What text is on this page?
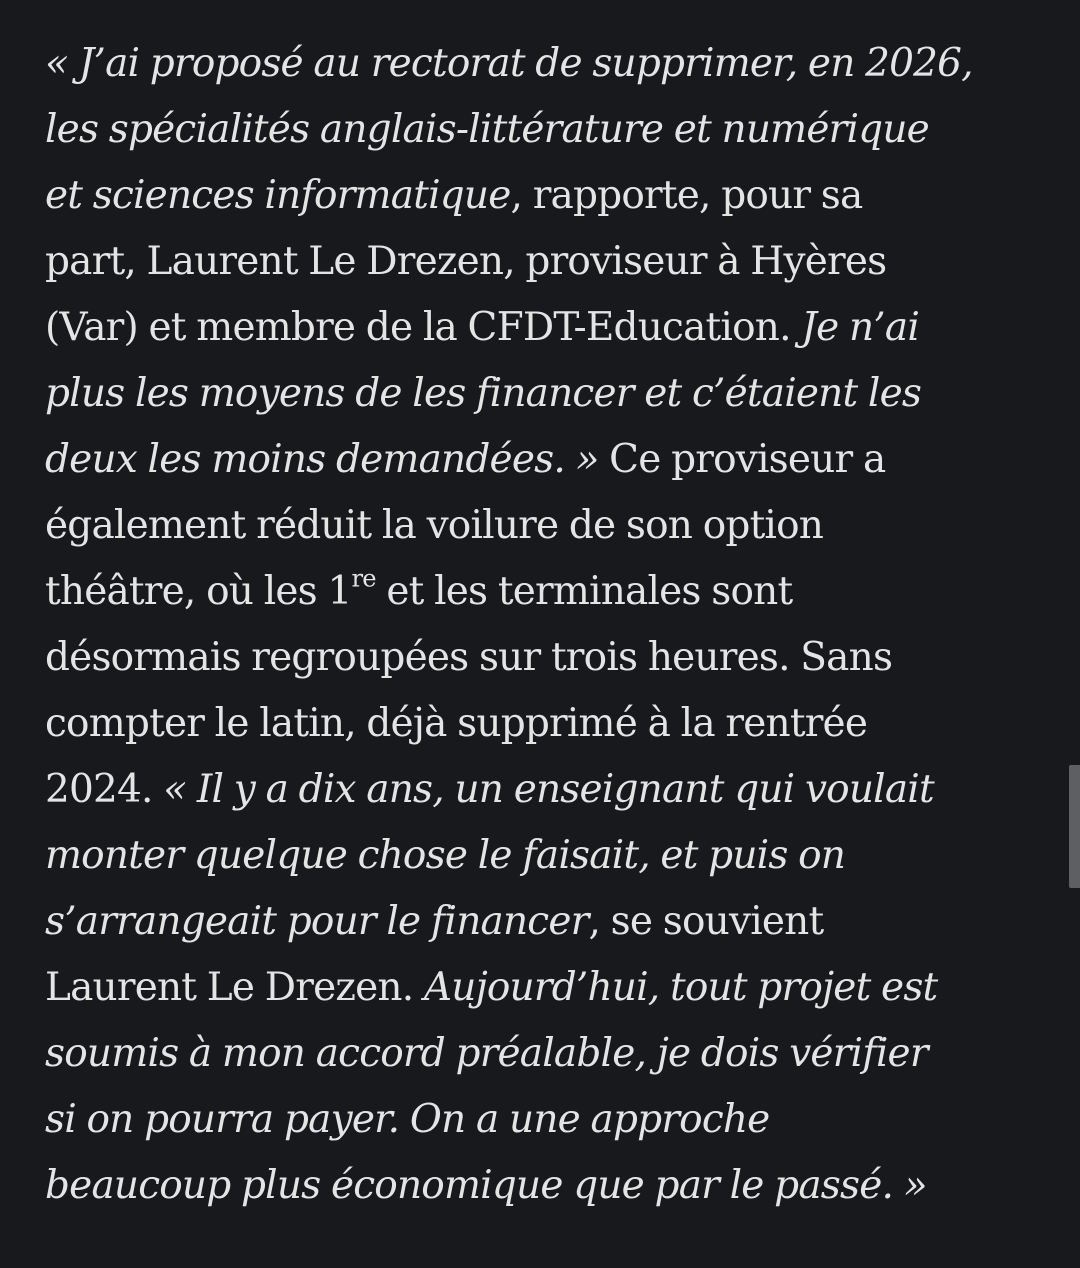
« J’ai proposé au rectorat de supprimer, en 2026,
les spécialités anglais-littérature et numérique
et sciences informatique, rapporte, pour sa
part, Laurent Le Drezen, proviseur à Hyères
(Var) et membre de la CFDT-Education. Je n’ai
plus les moyens de les financer et c’étaient les
deux les moins demandées. » Ce proviseur a
également réduit la voilure de son option
théâtre, où les 1re et les terminales sont
désormais regroupées sur trois heures. Sans
compter le latin, déjà supprimé à la rentrée
2024. « Il y a dix ans, un enseignant qui voulait
monter quelque chose le faisait, et puis on
s’arrangeait pour le financer, se souvient
Laurent Le Drezen. Aujourd’hui, tout projet est
soumis à mon accord préalable, je dois vérifier
si on pourra payer. On a une approche
beaucoup plus économique que par le passé. »
